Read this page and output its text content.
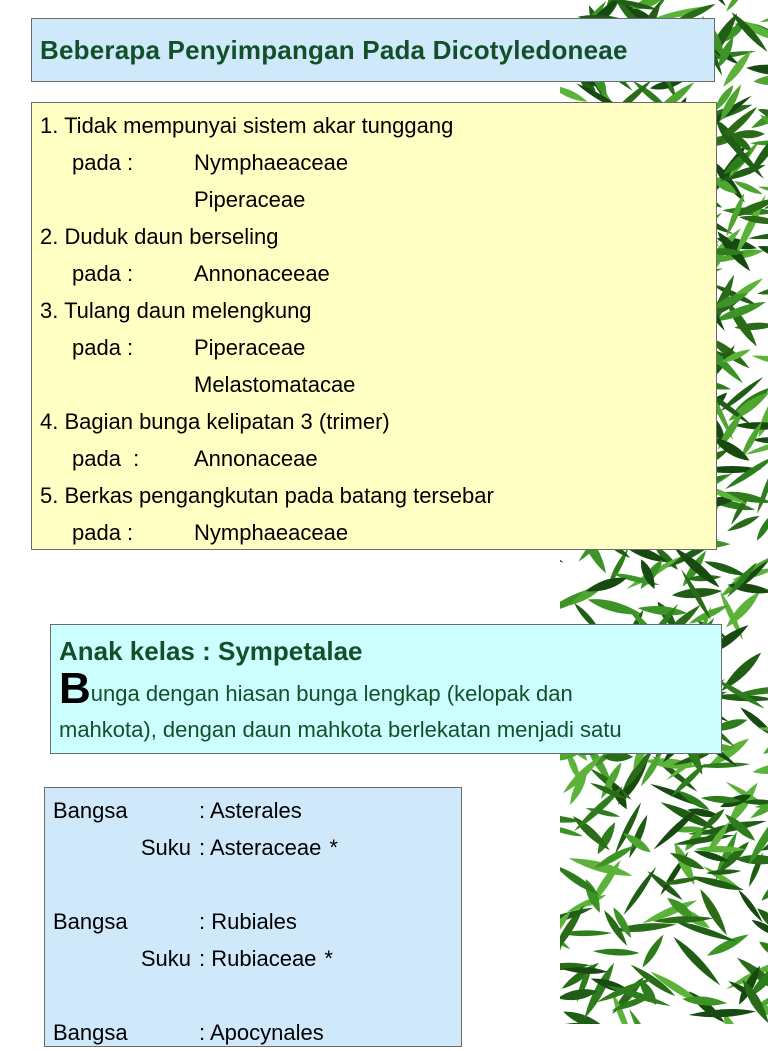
Beberapa Penyimpangan Pada Dicotyledoneae
1. Tidak mempunyai sistem akar tunggang
pada :	Nymphaeaceae
Piperaceae
2. Duduk daun berseling
pada :	Annonaceeae
3. Tulang daun melengkung
pada :	Piperaceae
Melastomatacae
4. Bagian bunga kelipatan 3 (trimer)
pada  : Annonaceae
5. Berkas pengangkutan pada batang tersebar
pada :	Nymphaeaceae
Anak kelas : Sympetalae
Bunga dengan hiasan bunga lengkap (kelopak dan
mahkota), dengan daun mahkota berlekatan menjadi satu
Bangsa	: Asterales
Suku : Asteraceae *
Bangsa	: Rubiales
Suku : Rubiaceae *
Bangsa	: Apocynales
